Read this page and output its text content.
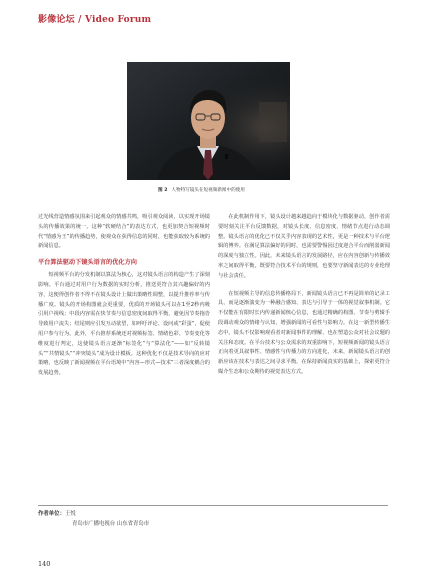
影像论坛 / Video Forum
图 2 人物特写镜头在短视频新闻中的使用

过光线营造情感氛围来引起观众的情感共鸣，吸引观众阅读，以实现开场镜头的传播效果的统一。这种“软硬结合”的表达方式，也更加契合短视频时代“情感为王”的传播趋势，使观众在获得信息的同时，也能获取较为系统的新闻信息。

平台算法驱动下镜头语言的优化方向

短视频平台的分发机制以算法为核心，这对镜头语言的构造产生了深刻影响。平台通过对用户行为数据的实时分析，推送更符合其兴趣偏好的内容，这便得创作者不得不在镜头设计上做出策略性调整，以提升推荐率与传播广度。镜头的开场构图就会更重要，优质的开场镜头可以在1至2秒内吸引用户视线；中段内容需在快节奏与信息密度间取得平衡，避免因节奏拖沓导致用户流失；结尾则应引发互动欲望，如呼吁评论、设问或“彩蛋”，促使用户参与行为。此外，平台推荐系统还对视频标签、情绪色彩、节奏变化等维度进行判定，这使镜头语言逐渐“标签化”与“算法化”——如“反转镜头”“共情镜头”“冲突镜头”成为设计模板。这种优化不仅是技术导向的应对策略，也反映了新闻视频在平台语境中“内容—形式—技术”三者深度耦合的发展趋势。

在此机制作用下，镜头设计越来越趋向于模块化与数据驱动，创作者需要时刻关注平台反馈数据，对镜头长度、信息密度、情绪节点进行动态调整。镜头语言的优化已不仅关乎内容表现的艺术性，更是一种技术与平台逻辑的博弈。在满足算法偏好的同时，也需要警惕因过度迎合平台而削弱新闻的深度与独立性。因此，未来镜头语言的发展路径，应在内容创新与传播效率之间取得平衡，既要符合技术平台的规则，也要坚守新闻表达的专业伦理与社会责任。

在短视频主导的信息传播格局下，新闻镜头语言已不再是简单的记录工具，而是逐渐演变为一种融合感知、表达与引导于一体的视觉叙事机制。它不仅能在有限时长内传递新闻核心信息，也通过精确的构图、节奏与剪辑手段调动观众的情绪与认知，增强新闻的可看性与影响力。在这一新型传播生态中，镜头不仅影响观看者对新闻事件的理解，也在塑造公众对社会议题的关注和态度。在平台技术与公众需求的双重影响下，短视频新闻的镜头语言正向着更具叙事性、情感性与传播力的方向进化，未来，新闻镜头语言的创新应该在技术与表达之间寻求平衡，在保持新闻真实的基础上，探索更符合媒介生态和公众期待的视觉表达方式。

作者单位：王悦
青岛市广播电视台 山东省青岛市
140
